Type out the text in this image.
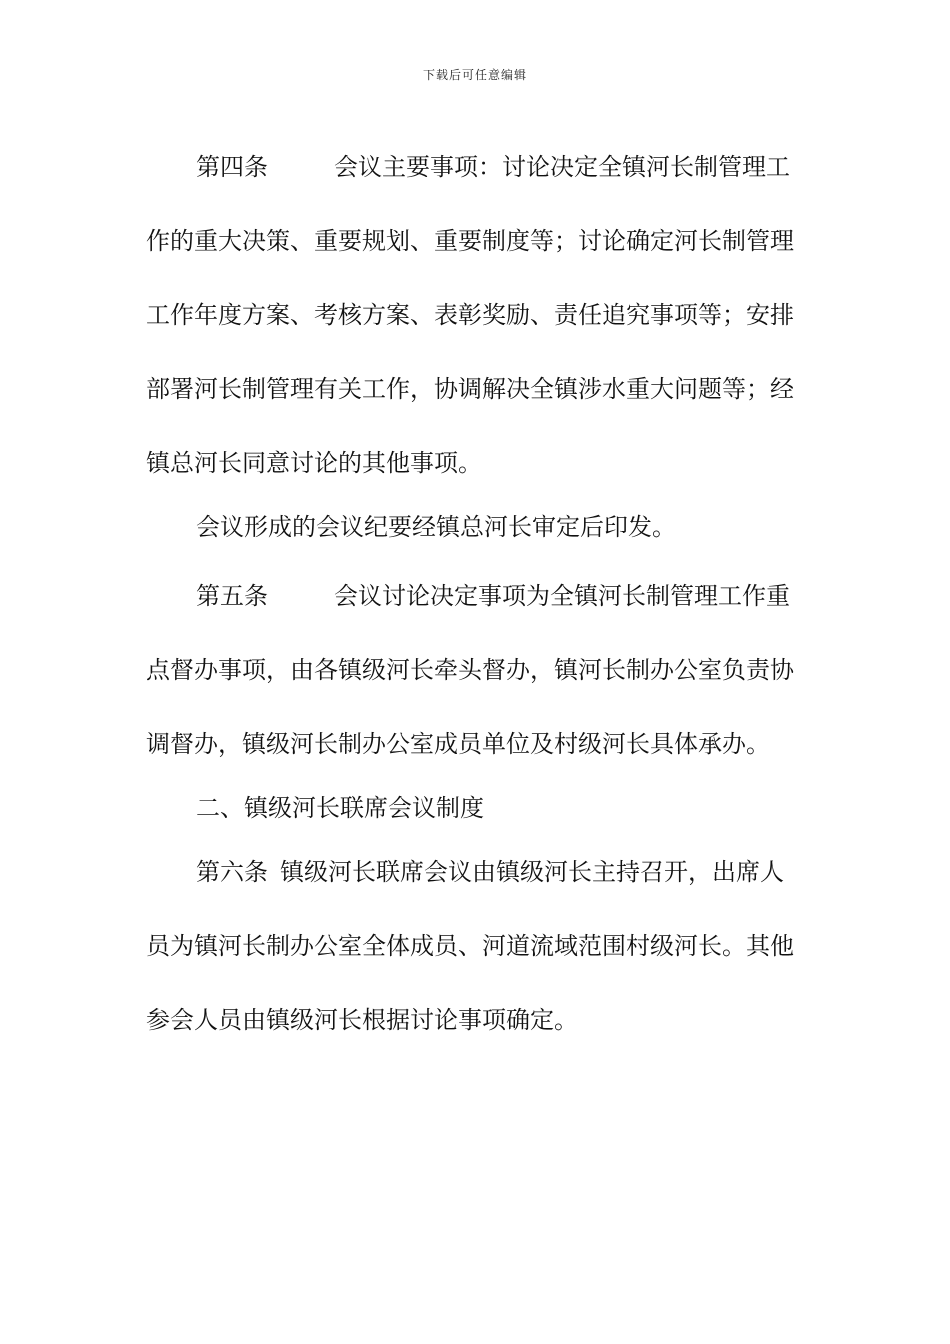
下载后可任意编辑

第四条	会议主要事项：讨论决定全镇河长制管理工作的重大决策、重要规划、重要制度等；讨论确定河长制管理工作年度方案、考核方案、表彰奖励、责任追究事项等；安排部署河长制管理有关工作，协调解决全镇涉水重大问题等；经镇总河长同意讨论的其他事项。

会议形成的会议纪要经镇总河长审定后印发。

第五条	会议讨论决定事项为全镇河长制管理工作重点督办事项，由各镇级河长牵头督办，镇河长制办公室负责协调督办，镇级河长制办公室成员单位及村级河长具体承办。

二、镇级河长联席会议制度

第六条 镇级河长联席会议由镇级河长主持召开，出席人员为镇河长制办公室全体成员、河道流域范围村级河长。其他参会人员由镇级河长根据讨论事项确定。
